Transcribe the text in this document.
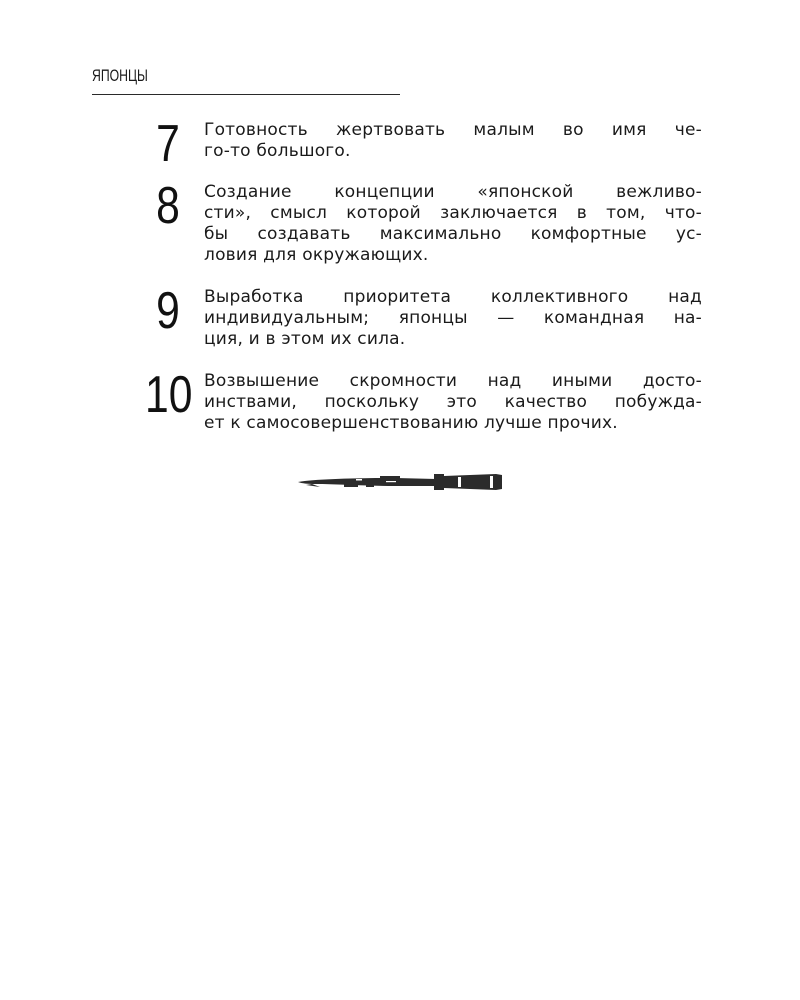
ЯПОНЦЫ
7	Готовность жертвовать малым во имя че-
го-то большого.
8	Создание концепции «японской вежливо-
сти», смысл которой заключается в том, что-
бы создавать максимально комфортные ус-
ловия для окружающих.
9	Выработка приоритета коллективного над
индивидуальным; японцы — командная на-
ция, и в этом их сила.
10 Возвышение скромности над иными досто-
инствами, поскольку это качество побужда-
ет к самосовершенствованию лучше прочих.
